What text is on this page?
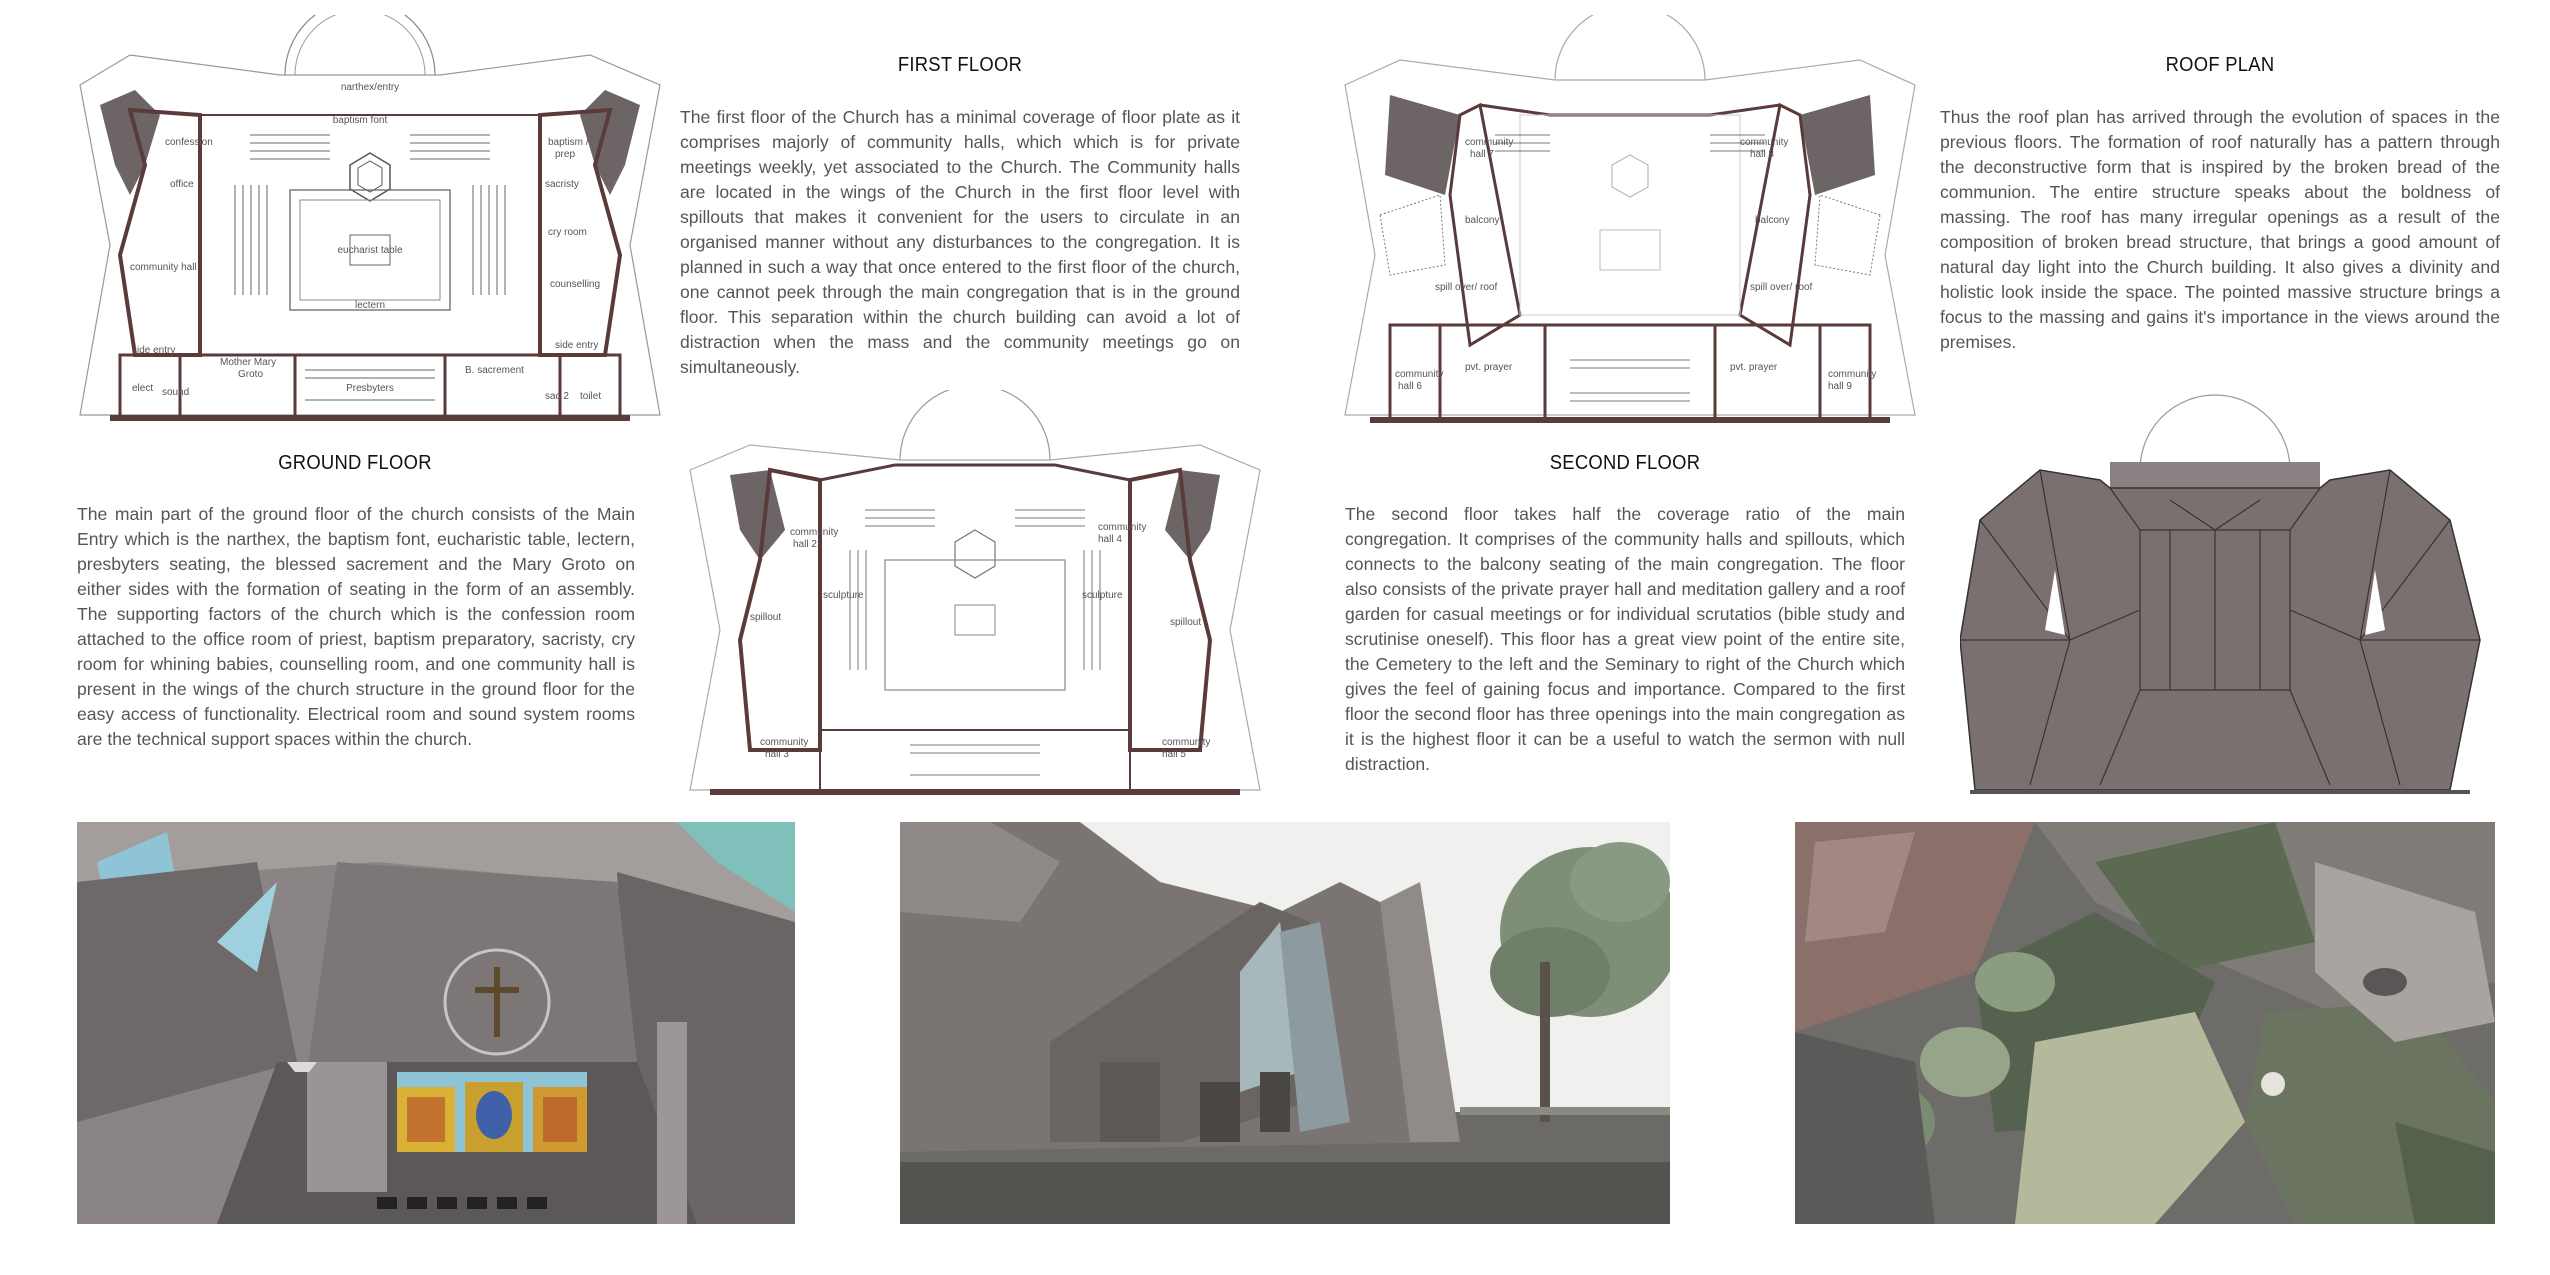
narthex/entry
confession
baptism font
baptism /
prep
office	sacristy
cry room
community hall
eucharist table
counselling
lectern
side entry	side entry
Mother Mary
Groto
Presbyters
B. sacrement
elect sound	sac 2 toilet
community
hall 2
community
hall 4
sculpture	sculpture
spillout	spillout
community
hall 3
community
hall 5
community
hall 7
community
hall 8
balcony	balcony
spill over/ roof	spill over/ roof
community
hall 6
community
hall 9
pvt. prayer	pvt. prayer
FIRST FLOOR
The first floor of the Church has a minimal coverage of floor plate as it comprises majorly of community halls, which which is for private meetings weekly, yet associated to the Church. The Community halls are located in the wings of the Church in the first floor level with spillouts that makes it convenient for the users to circulate in an organised manner without any disturbances to the congregation. It is planned in such a way that once entered to the first floor of the church, one cannot peek through the main congregation that is in the ground floor. This separation within the church building can avoid a lot of distraction when the mass and the community meetings go on simultaneously.
ROOF PLAN
Thus the roof plan has arrived through the evolution of spaces in the previous floors. The formation of roof naturally has a pattern through the deconstructive form that is inspired by the broken bread of the communion. The entire structure speaks about the boldness of massing. The roof has many irregular openings as a result of the composition of broken bread structure, that brings a good amount of natural day light into the Church building. It also gives a divinity and holistic look inside the space. The pointed massive structure brings a focus to the massing and gains it's importance in the views around the premises.
GROUND FLOOR
The main part of the ground floor of the church consists of the Main Entry which is the narthex, the baptism font, eucharistic table, lectern, presbyters seating, the blessed sacrement and the Mary Groto on either sides with the formation of seating in the form of an assembly. The supporting factors of the church which is the confession room attached to the office room of priest, baptism preparatory, sacristy, cry room for whining babies, counselling room, and one community hall is present in the wings of the church structure in the ground floor for the easy access of functionality. Electrical room and sound system rooms are the technical support spaces within the church.
SECOND FLOOR
The second floor takes half the coverage ratio of the main congregation. It comprises of the community halls and spillouts, which connects to the balcony seating of the main congregation. The floor also consists of the private prayer hall and meditation gallery and a roof garden for casual meetings or for individual scrutatios (bible study and scrutinise oneself). This floor has a great view point of the entire site, the Cemetery to the left and the Seminary to right of the Church which gives the feel of gaining focus and importance. Compared to the first floor the second floor has three openings into the main congregation as it is the highest floor it can be a useful to watch the sermon with null distraction.
